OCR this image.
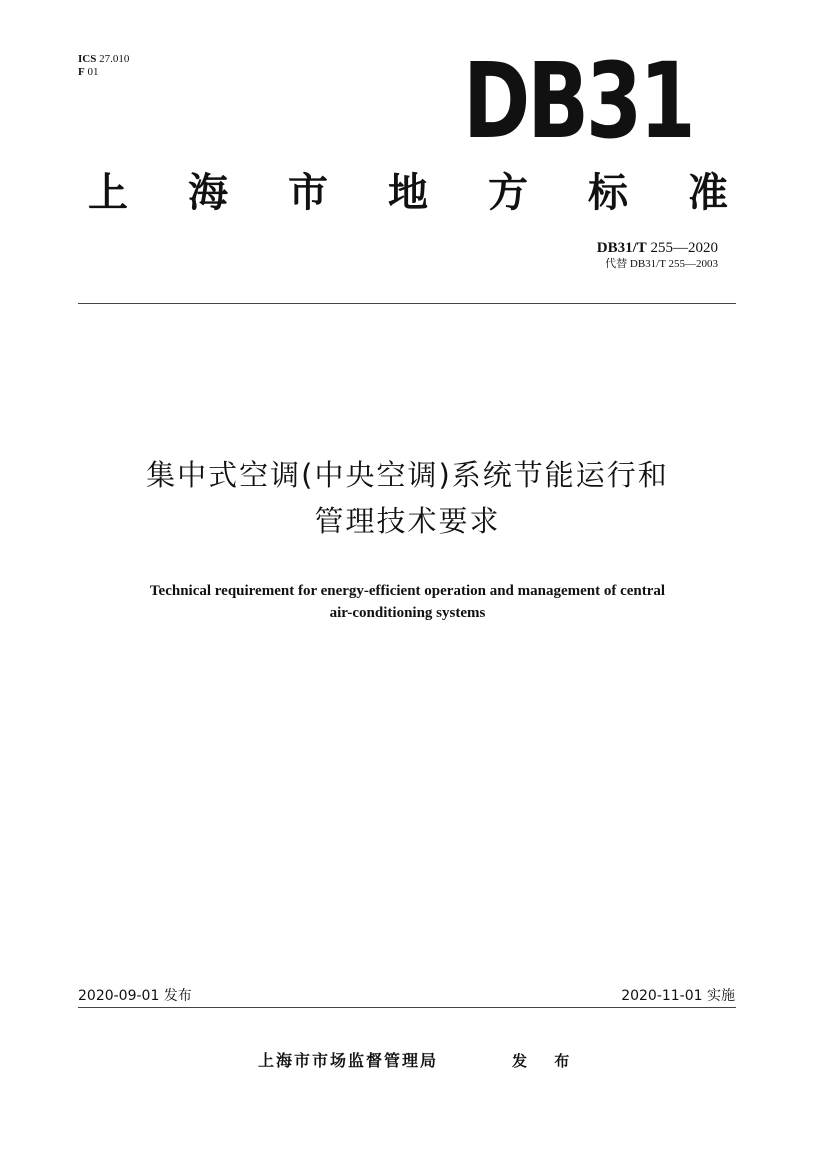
ICS 27.010
F 01	DB31
上 海 市 地 方 标 准
DB31/T 255—2020
代替 DB31/T 255—2003
集中式空调(中央空调)系统节能运行和
管理技术要求
Technical requirement for energy-efficient operation and management of central
air-conditioning systems
2020-09-01 发布	2020-11-01 实施
上海市市场监督管理局	发 布
